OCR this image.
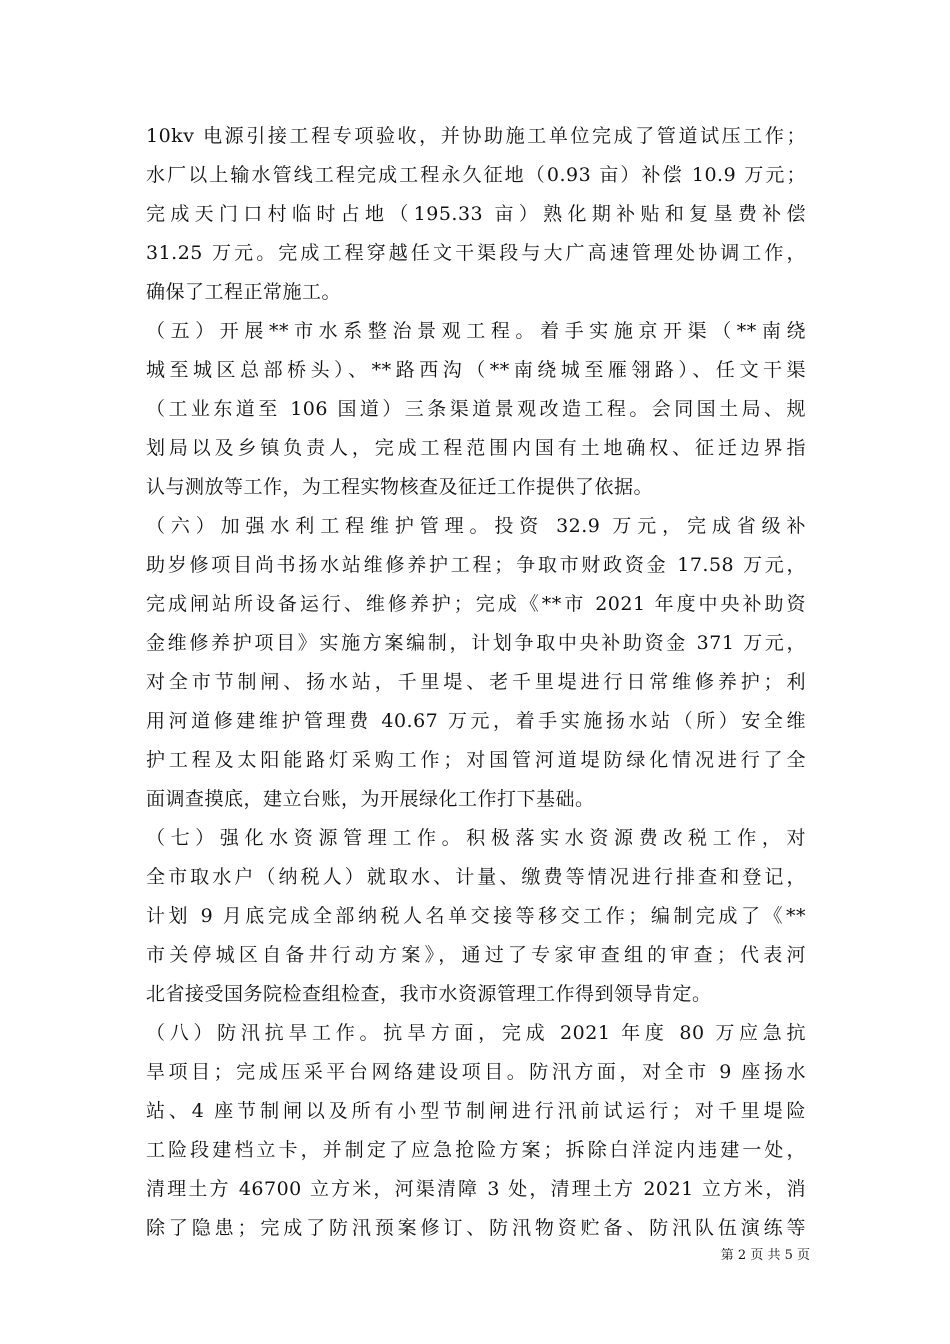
10kv 电源引接工程专项验收，并协助施工单位完成了管道试压工作；
水厂以上输水管线工程完成工程永久征地（0.93 亩）补偿 10.9 万元；
完成天门口村临时占地（195.33 亩）熟化期补贴和复垦费补偿
31.25 万元。完成工程穿越任文干渠段与大广高速管理处协调工作，
确保了工程正常施工。
（五）开展**市水系整治景观工程。着手实施京开渠（**南绕
城至城区总部桥头）、**路西沟（**南绕城至雁翎路）、任文干渠
（工业东道至 106 国道）三条渠道景观改造工程。会同国土局、规
划局以及乡镇负责人，完成工程范围内国有土地确权、征迁边界指
认与测放等工作，为工程实物核查及征迁工作提供了依据。
（六）加强水利工程维护管理。投资 32.9 万元，完成省级补
助岁修项目尚书扬水站维修养护工程；争取市财政资金 17.58 万元，
完成闸站所设备运行、维修养护；完成《**市 2021 年度中央补助资
金维修养护项目》实施方案编制，计划争取中央补助资金 371 万元，
对全市节制闸、扬水站，千里堤、老千里堤进行日常维修养护；利
用河道修建维护管理费 40.67 万元，着手实施扬水站（所）安全维
护工程及太阳能路灯采购工作；对国管河道堤防绿化情况进行了全
面调查摸底，建立台账，为开展绿化工作打下基础。
（七）强化水资源管理工作。积极落实水资源费改税工作，对
全市取水户（纳税人）就取水、计量、缴费等情况进行排查和登记，
计划 9 月底完成全部纳税人名单交接等移交工作；编制完成了《**
市关停城区自备井行动方案》，通过了专家审查组的审查；代表河
北省接受国务院检查组检查，我市水资源管理工作得到领导肯定。
（八）防汛抗旱工作。抗旱方面，完成 2021 年度 80 万应急抗
旱项目；完成压采平台网络建设项目。防汛方面，对全市 9 座扬水
站、4 座节制闸以及所有小型节制闸进行汛前试运行；对千里堤险
工险段建档立卡，并制定了应急抢险方案；拆除白洋淀内违建一处，
清理土方 46700 立方米，河渠清障 3 处，清理土方 2021 立方米，消
除了隐患；完成了防汛预案修订、防汛物资贮备、防汛队伍演练等
第 2 页 共 5 页
